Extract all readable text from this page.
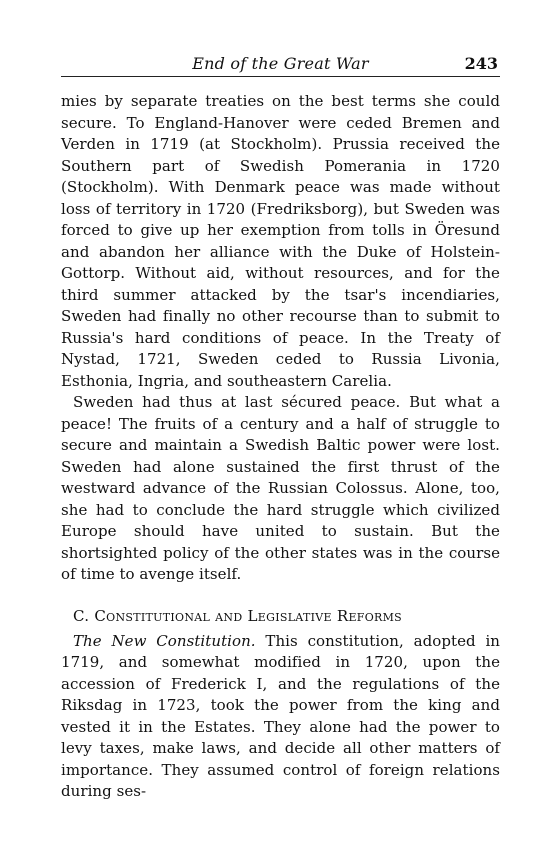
End of the Great War	243

mies by separate treaties on the best terms she could secure. To England-Hanover were ceded Bremen and Verden in 1719 (at Stockholm). Prussia received the Southern part of Swedish Pomerania in 1720 (Stockholm). With Denmark peace was made without loss of territory in 1720 (Fredriksborg), but Sweden was forced to give up her exemption from tolls in Öresund and abandon her alliance with the Duke of Holstein-Gottorp. Without aid, without resources, and for the third summer attacked by the tsar's incendiaries, Sweden had finally no other recourse than to submit to Russia's hard conditions of peace. In the Treaty of Nystad, 1721, Sweden ceded to Russia Livonia, Esthonia, Ingria, and southeastern Carelia.

Sweden had thus at last sécured peace. But what a peace! The fruits of a century and a half of struggle to secure and maintain a Swedish Baltic power were lost. Sweden had alone sustained the first thrust of the westward advance of the Russian Colossus. Alone, too, she had to conclude the hard struggle which civilized Europe should have united to sustain. But the shortsighted policy of the other states was in the course of time to avenge itself.

C. Constitutional and Legislative Reforms

The New Constitution. This constitution, adopted in 1719, and somewhat modified in 1720, upon the accession of Frederick I, and the regulations of the Riksdag in 1723, took the power from the king and vested it in the Estates. They alone had the power to levy taxes, make laws, and decide all other matters of importance. They assumed control of foreign relations during ses-
